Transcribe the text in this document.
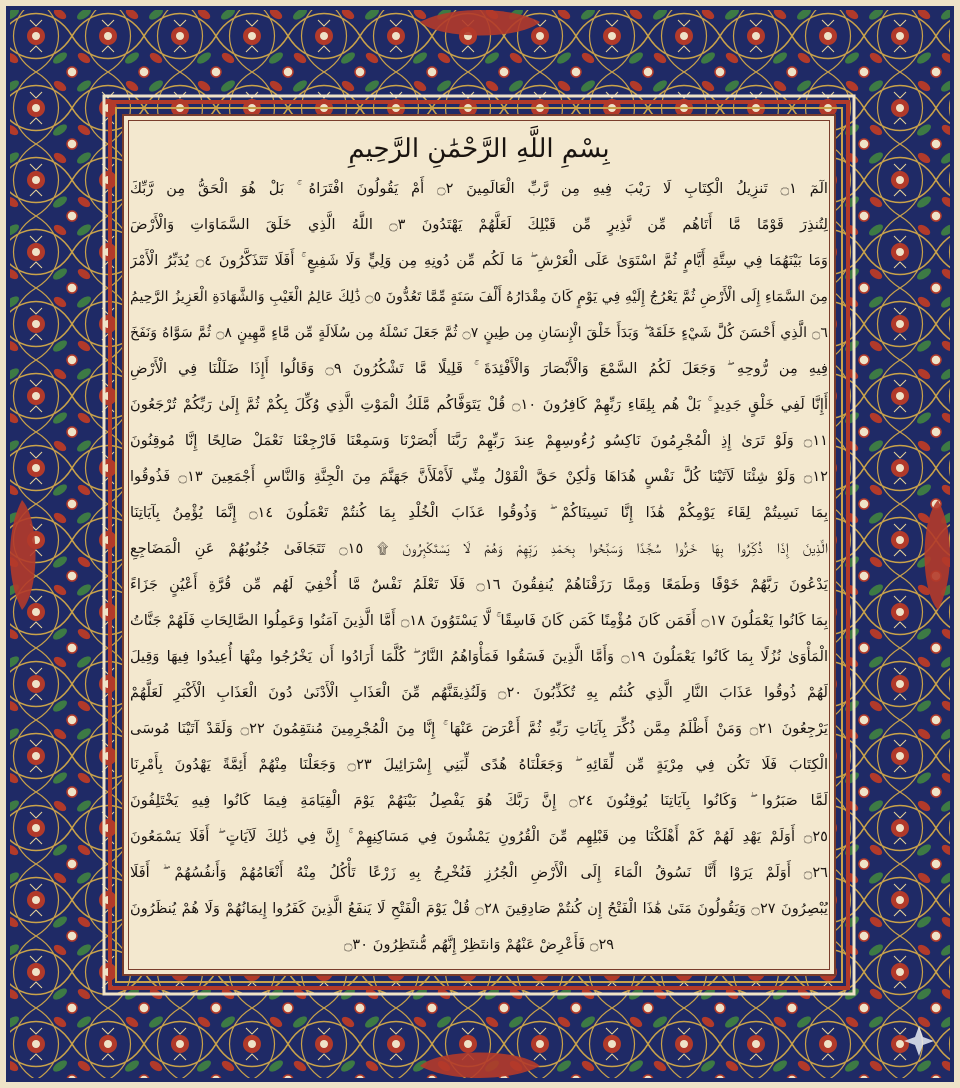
بِسْمِ اللَّهِ الرَّحْمَٰنِ الرَّحِيمِ
الٓمٓ ۝١ تَنزِيلُ الْكِتَابِ لَا رَيْبَ فِيهِ مِن رَّبِّ الْعَالَمِينَ ۝٢ أَمْ يَقُولُونَ افْتَرَاهُ ۚ بَلْ هُوَ الْحَقُّ مِن رَّبِّكَ
لِتُنذِرَ قَوْمًا مَّا أَتَاهُم مِّن نَّذِيرٍ مِّن قَبْلِكَ لَعَلَّهُمْ يَهْتَدُونَ ۝٣ اللَّهُ الَّذِي خَلَقَ السَّمَاوَاتِ وَالْأَرْضَ
وَمَا بَيْنَهُمَا فِي سِتَّةِ أَيَّامٍ ثُمَّ اسْتَوَىٰ عَلَى الْعَرْشِ ۖ مَا لَكُم مِّن دُونِهِ مِن وَلِيٍّ وَلَا شَفِيعٍ ۚ أَفَلَا تَتَذَكَّرُونَ ۝٤ يُدَبِّرُ الْأَمْرَ
مِنَ السَّمَاءِ إِلَى الْأَرْضِ ثُمَّ يَعْرُجُ إِلَيْهِ فِي يَوْمٍ كَانَ مِقْدَارُهُ أَلْفَ سَنَةٍ مِّمَّا تَعُدُّونَ ۝٥ ذَٰلِكَ عَالِمُ الْغَيْبِ وَالشَّهَادَةِ الْعَزِيزُ الرَّحِيمُ
۝٦ الَّذِي أَحْسَنَ كُلَّ شَيْءٍ خَلَقَهُ ۖ وَبَدَأَ خَلْقَ الْإِنسَانِ مِن طِينٍ ۝٧ ثُمَّ جَعَلَ نَسْلَهُ مِن سُلَالَةٍ مِّن مَّاءٍ مَّهِينٍ ۝٨ ثُمَّ سَوَّاهُ وَنَفَخَ
فِيهِ مِن رُّوحِهِ ۖ وَجَعَلَ لَكُمُ السَّمْعَ وَالْأَبْصَارَ وَالْأَفْئِدَةَ ۚ قَلِيلًا مَّا تَشْكُرُونَ ۝٩ وَقَالُوا أَإِذَا ضَلَلْنَا فِي الْأَرْضِ
أَإِنَّا لَفِي خَلْقٍ جَدِيدٍ ۚ بَلْ هُم بِلِقَاءِ رَبِّهِمْ كَافِرُونَ ۝١٠ قُلْ يَتَوَفَّاكُم مَّلَكُ الْمَوْتِ الَّذِي وُكِّلَ بِكُمْ ثُمَّ إِلَىٰ رَبِّكُمْ تُرْجَعُونَ
۝١١ وَلَوْ تَرَىٰ إِذِ الْمُجْرِمُونَ نَاكِسُو رُءُوسِهِمْ عِندَ رَبِّهِمْ رَبَّنَا أَبْصَرْنَا وَسَمِعْنَا فَارْجِعْنَا نَعْمَلْ صَالِحًا إِنَّا مُوقِنُونَ
۝١٢ وَلَوْ شِئْنَا لَآتَيْنَا كُلَّ نَفْسٍ هُدَاهَا وَلَٰكِنْ حَقَّ الْقَوْلُ مِنِّي لَأَمْلَأَنَّ جَهَنَّمَ مِنَ الْجِنَّةِ وَالنَّاسِ أَجْمَعِينَ ۝١٣ فَذُوقُوا
بِمَا نَسِيتُمْ لِقَاءَ يَوْمِكُمْ هَٰذَا إِنَّا نَسِينَاكُمْ ۖ وَذُوقُوا عَذَابَ الْخُلْدِ بِمَا كُنتُمْ تَعْمَلُونَ ۝١٤ إِنَّمَا يُؤْمِنُ بِآيَاتِنَا
الَّذِينَ إِذَا ذُكِّرُوا بِهَا خَرُّوا سُجَّدًا وَسَبَّحُوا بِحَمْدِ رَبِّهِمْ وَهُمْ لَا يَسْتَكْبِرُونَ ۩ ۝١٥ تَتَجَافَىٰ جُنُوبُهُمْ عَنِ الْمَضَاجِعِ
يَدْعُونَ رَبَّهُمْ خَوْفًا وَطَمَعًا وَمِمَّا رَزَقْنَاهُمْ يُنفِقُونَ ۝١٦ فَلَا تَعْلَمُ نَفْسٌ مَّا أُخْفِيَ لَهُم مِّن قُرَّةِ أَعْيُنٍ جَزَاءً
بِمَا كَانُوا يَعْمَلُونَ ۝١٧ أَفَمَن كَانَ مُؤْمِنًا كَمَن كَانَ فَاسِقًا ۚ لَّا يَسْتَوُونَ ۝١٨ أَمَّا الَّذِينَ آمَنُوا وَعَمِلُوا الصَّالِحَاتِ فَلَهُمْ جَنَّاتُ
الْمَأْوَىٰ نُزُلًا بِمَا كَانُوا يَعْمَلُونَ ۝١٩ وَأَمَّا الَّذِينَ فَسَقُوا فَمَأْوَاهُمُ النَّارُ ۖ كُلَّمَا أَرَادُوا أَن يَخْرُجُوا مِنْهَا أُعِيدُوا فِيهَا وَقِيلَ
لَهُمْ ذُوقُوا عَذَابَ النَّارِ الَّذِي كُنتُم بِهِ تُكَذِّبُونَ ۝٢٠ وَلَنُذِيقَنَّهُم مِّنَ الْعَذَابِ الْأَدْنَىٰ دُونَ الْعَذَابِ الْأَكْبَرِ لَعَلَّهُمْ
يَرْجِعُونَ ۝٢١ وَمَنْ أَظْلَمُ مِمَّن ذُكِّرَ بِآيَاتِ رَبِّهِ ثُمَّ أَعْرَضَ عَنْهَا ۚ إِنَّا مِنَ الْمُجْرِمِينَ مُنتَقِمُونَ ۝٢٢ وَلَقَدْ آتَيْنَا مُوسَى
الْكِتَابَ فَلَا تَكُن فِي مِرْيَةٍ مِّن لِّقَائِهِ ۖ وَجَعَلْنَاهُ هُدًى لِّبَنِي إِسْرَائِيلَ ۝٢٣ وَجَعَلْنَا مِنْهُمْ أَئِمَّةً يَهْدُونَ بِأَمْرِنَا
لَمَّا صَبَرُوا ۖ وَكَانُوا بِآيَاتِنَا يُوقِنُونَ ۝٢٤ إِنَّ رَبَّكَ هُوَ يَفْصِلُ بَيْنَهُمْ يَوْمَ الْقِيَامَةِ فِيمَا كَانُوا فِيهِ يَخْتَلِفُونَ
۝٢٥ أَوَلَمْ يَهْدِ لَهُمْ كَمْ أَهْلَكْنَا مِن قَبْلِهِم مِّنَ الْقُرُونِ يَمْشُونَ فِي مَسَاكِنِهِمْ ۚ إِنَّ فِي ذَٰلِكَ لَآيَاتٍ ۖ أَفَلَا يَسْمَعُونَ
۝٢٦ أَوَلَمْ يَرَوْا أَنَّا نَسُوقُ الْمَاءَ إِلَى الْأَرْضِ الْجُرُزِ فَنُخْرِجُ بِهِ زَرْعًا تَأْكُلُ مِنْهُ أَنْعَامُهُمْ وَأَنفُسُهُمْ ۖ أَفَلَا
يُبْصِرُونَ ۝٢٧ وَيَقُولُونَ مَتَىٰ هَٰذَا الْفَتْحُ إِن كُنتُمْ صَادِقِينَ ۝٢٨ قُلْ يَوْمَ الْفَتْحِ لَا يَنفَعُ الَّذِينَ كَفَرُوا إِيمَانُهُمْ وَلَا هُمْ يُنظَرُونَ
۝٢٩ فَأَعْرِضْ عَنْهُمْ وَانتَظِرْ إِنَّهُم مُّنتَظِرُونَ ۝٣٠
